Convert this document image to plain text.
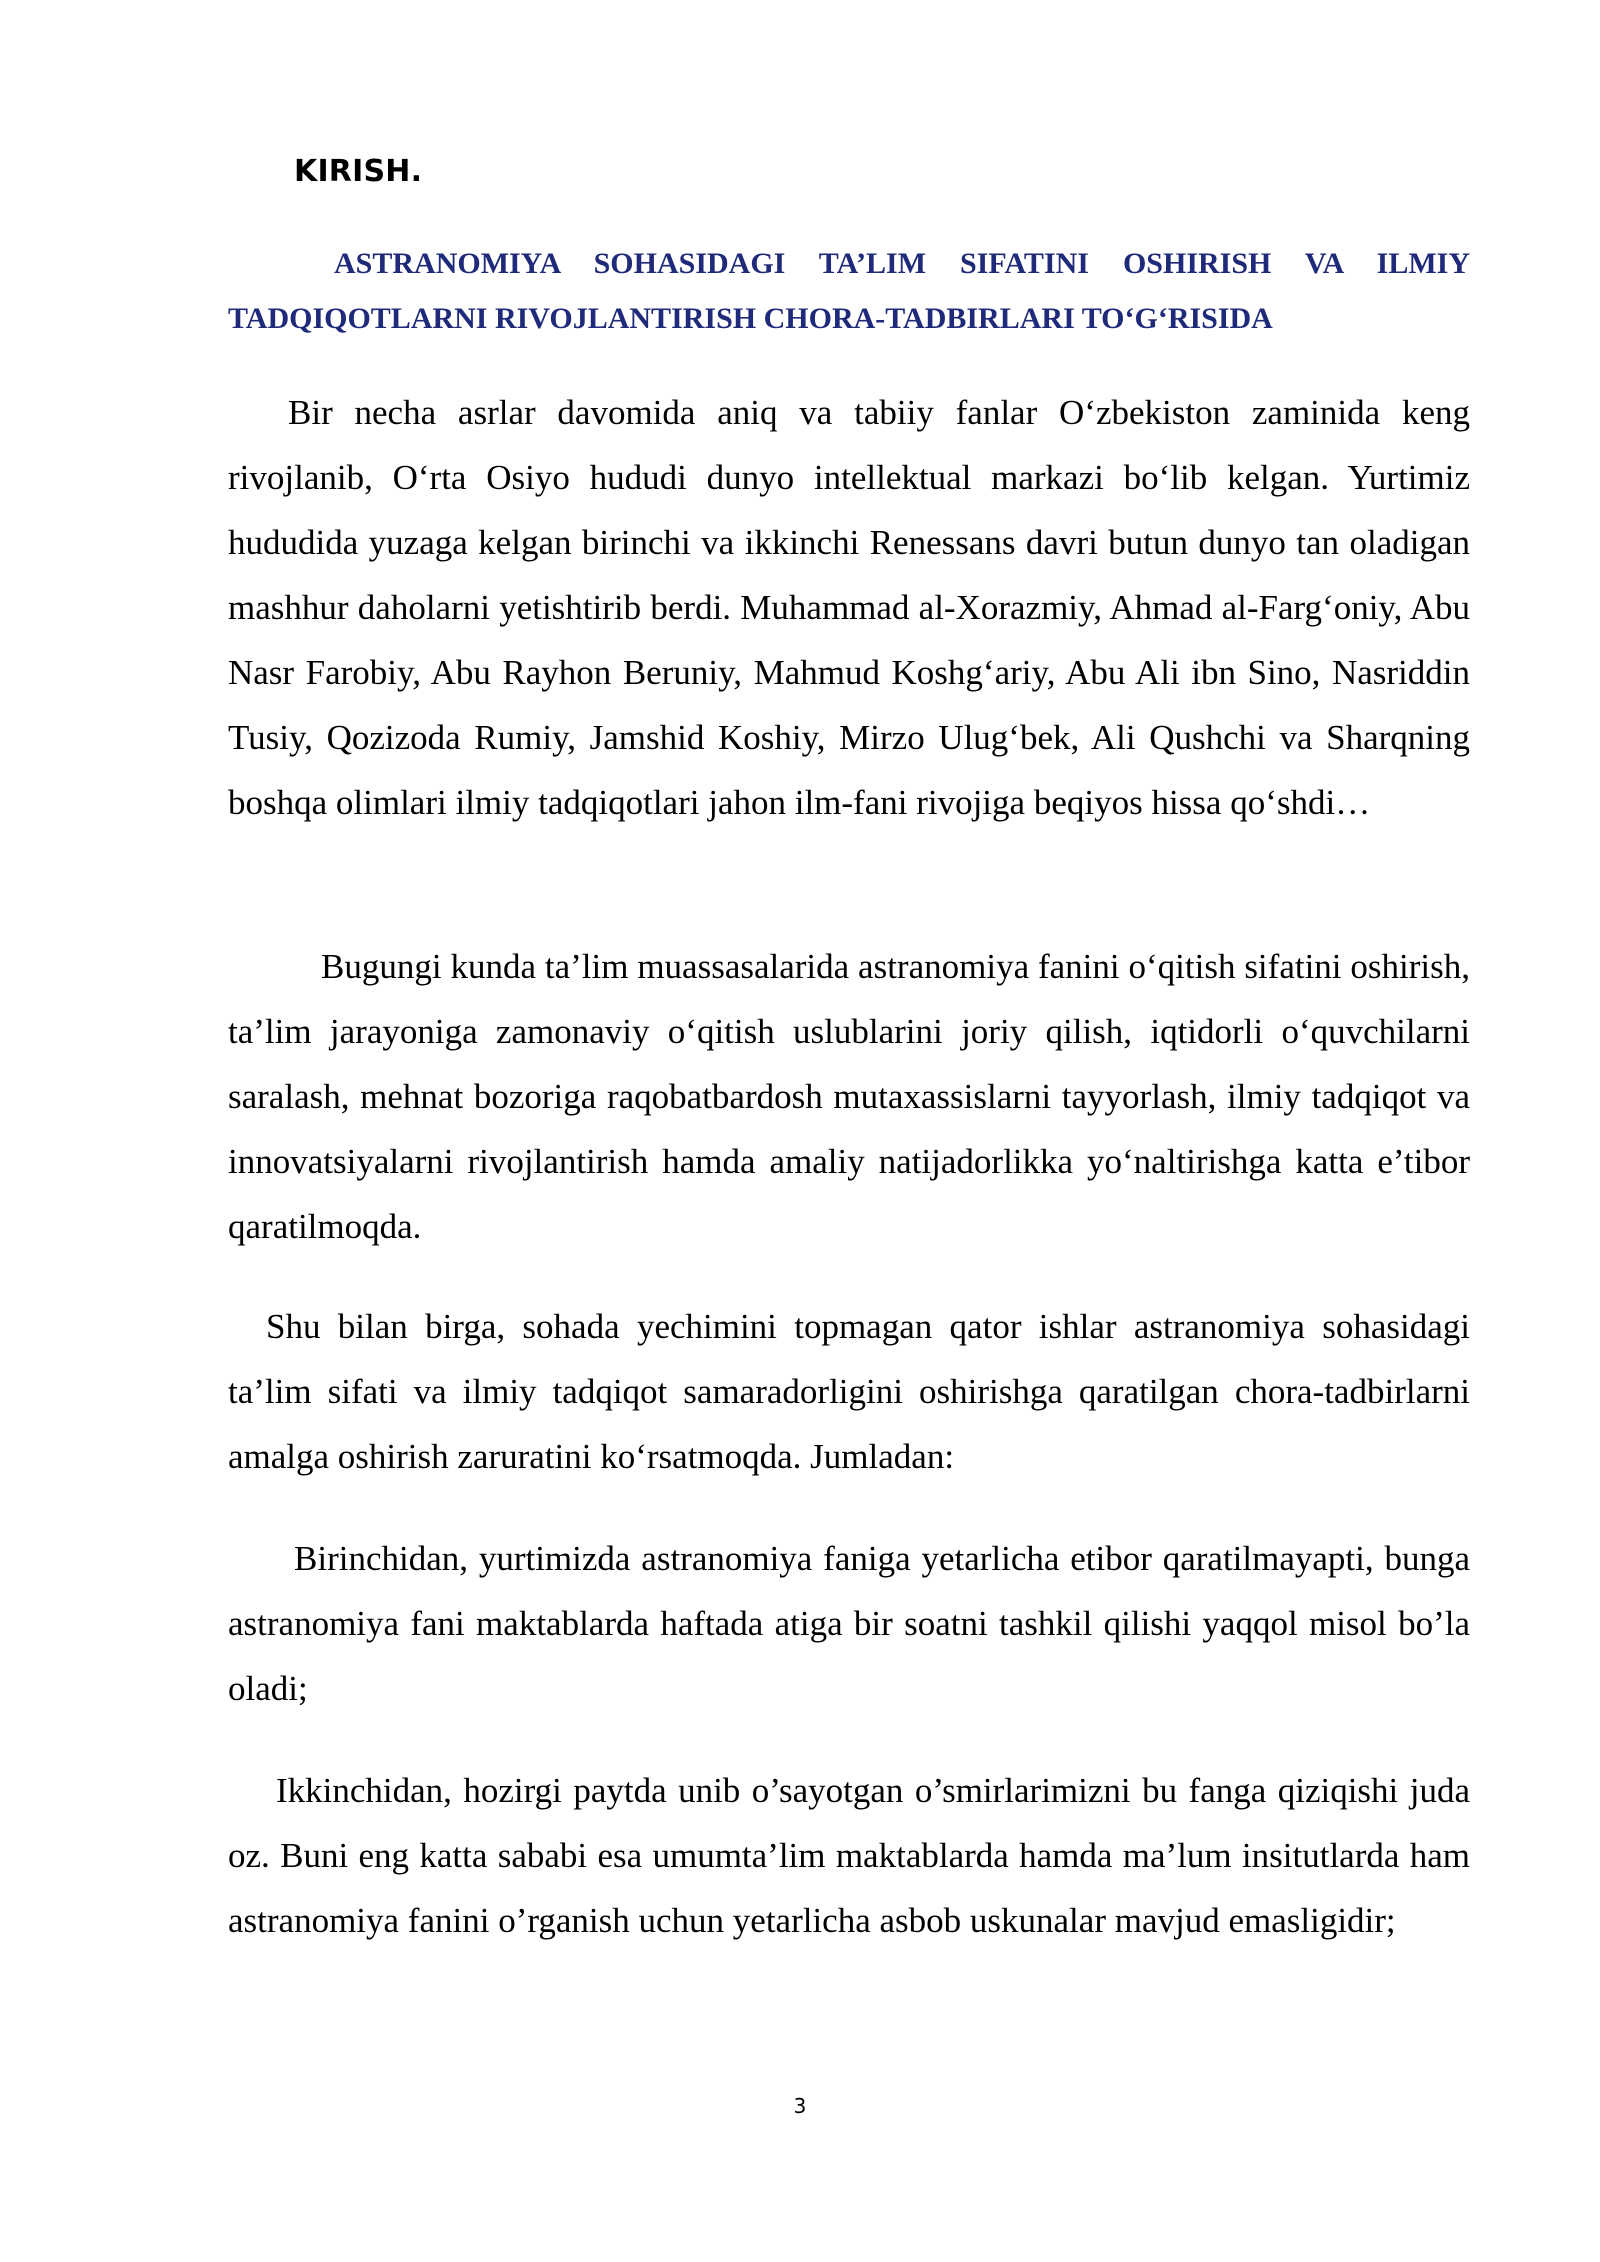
KIRISH.
ASTRANOMIYA SOHASIDAGI TA’LIM SIFATINI OSHIRISH VA ILMIY TADQIQOTLARNI RIVOJLANTIRISH CHORA-TADBIRLARI TO‘G‘RISIDA

Bir necha asrlar davomida aniq va tabiiy fanlar O‘zbekiston zaminida keng rivojlanib, O‘rta Osiyo hududi dunyo intellektual markazi bo‘lib kelgan. Yurtimiz hududida yuzaga kelgan birinchi va ikkinchi Renessans davri butun dunyo tan oladigan mashhur daholarni yetishtirib berdi. Muhammad al-Xorazmiy, Ahmad al-Farg‘oniy, Abu Nasr Farobiy, Abu Rayhon Beruniy, Mahmud Koshg‘ariy, Abu Ali ibn Sino, Nasriddin Tusiy, Qozizoda Rumiy, Jamshid Koshiy, Mirzo Ulug‘bek, Ali Qushchi va Sharqning boshqa olimlari ilmiy tadqiqotlari jahon ilm-fani rivojiga beqiyos hissa qo‘shdi…

Bugungi kunda ta’lim muassasalarida astranomiya fanini o‘qitish sifatini oshirish, ta’lim jarayoniga zamonaviy o‘qitish uslublarini joriy qilish, iqtidorli o‘quvchilarni saralash, mehnat bozoriga raqobatbardosh mutaxassislarni tayyorlash, ilmiy tadqiqot va innovatsiyalarni rivojlantirish hamda amaliy natijadorlikka yo‘naltirishga katta e’tibor qaratilmoqda.

Shu bilan birga, sohada yechimini topmagan qator ishlar astranomiya sohasidagi ta’lim sifati va ilmiy tadqiqot samaradorligini oshirishga qaratilgan chora-tadbirlarni amalga oshirish zaruratini ko‘rsatmoqda. Jumladan:

Birinchidan, yurtimizda astranomiya faniga yetarlicha etibor qaratilmayapti, bunga astranomiya fani maktablarda haftada atiga bir soatni tashkil qilishi yaqqol misol bo’la oladi;

Ikkinchidan, hozirgi paytda unib o’sayotgan o’smirlarimizni bu fanga qiziqishi juda oz. Buni eng katta sababi esa umumta’lim maktablarda hamda ma’lum insitutlarda ham astranomiya fanini o’rganish uchun yetarlicha asbob uskunalar mavjud emasligidir;

3
